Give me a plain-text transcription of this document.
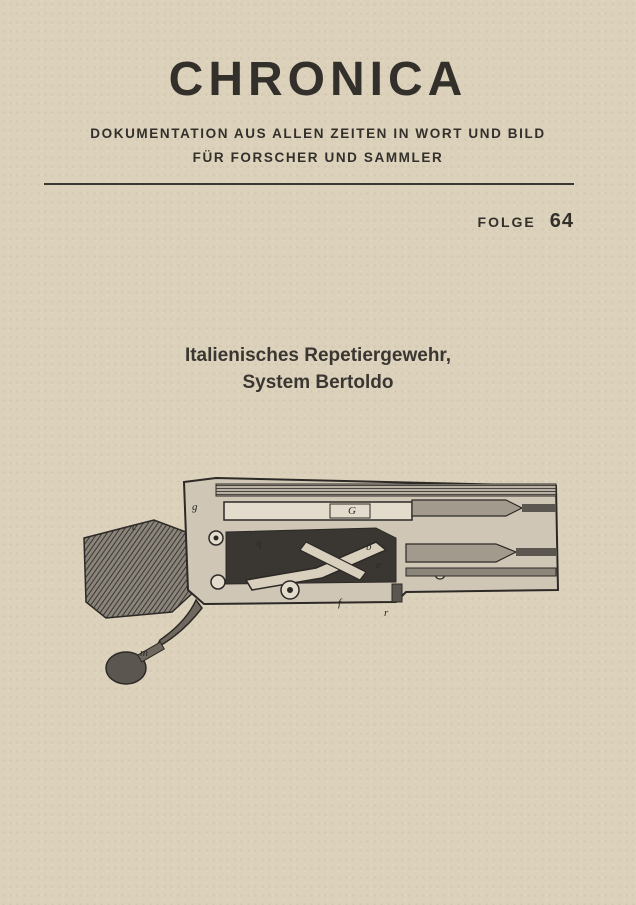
CHRONICA
DOKUMENTATION AUS ALLEN ZEITEN IN WORT UND BILD
FÜR FORSCHER UND SAMMLER
FOLGE 64
Italienisches Repetiergewehr,
System Bertoldo
g
c
q	b
e
f
r
m
G
